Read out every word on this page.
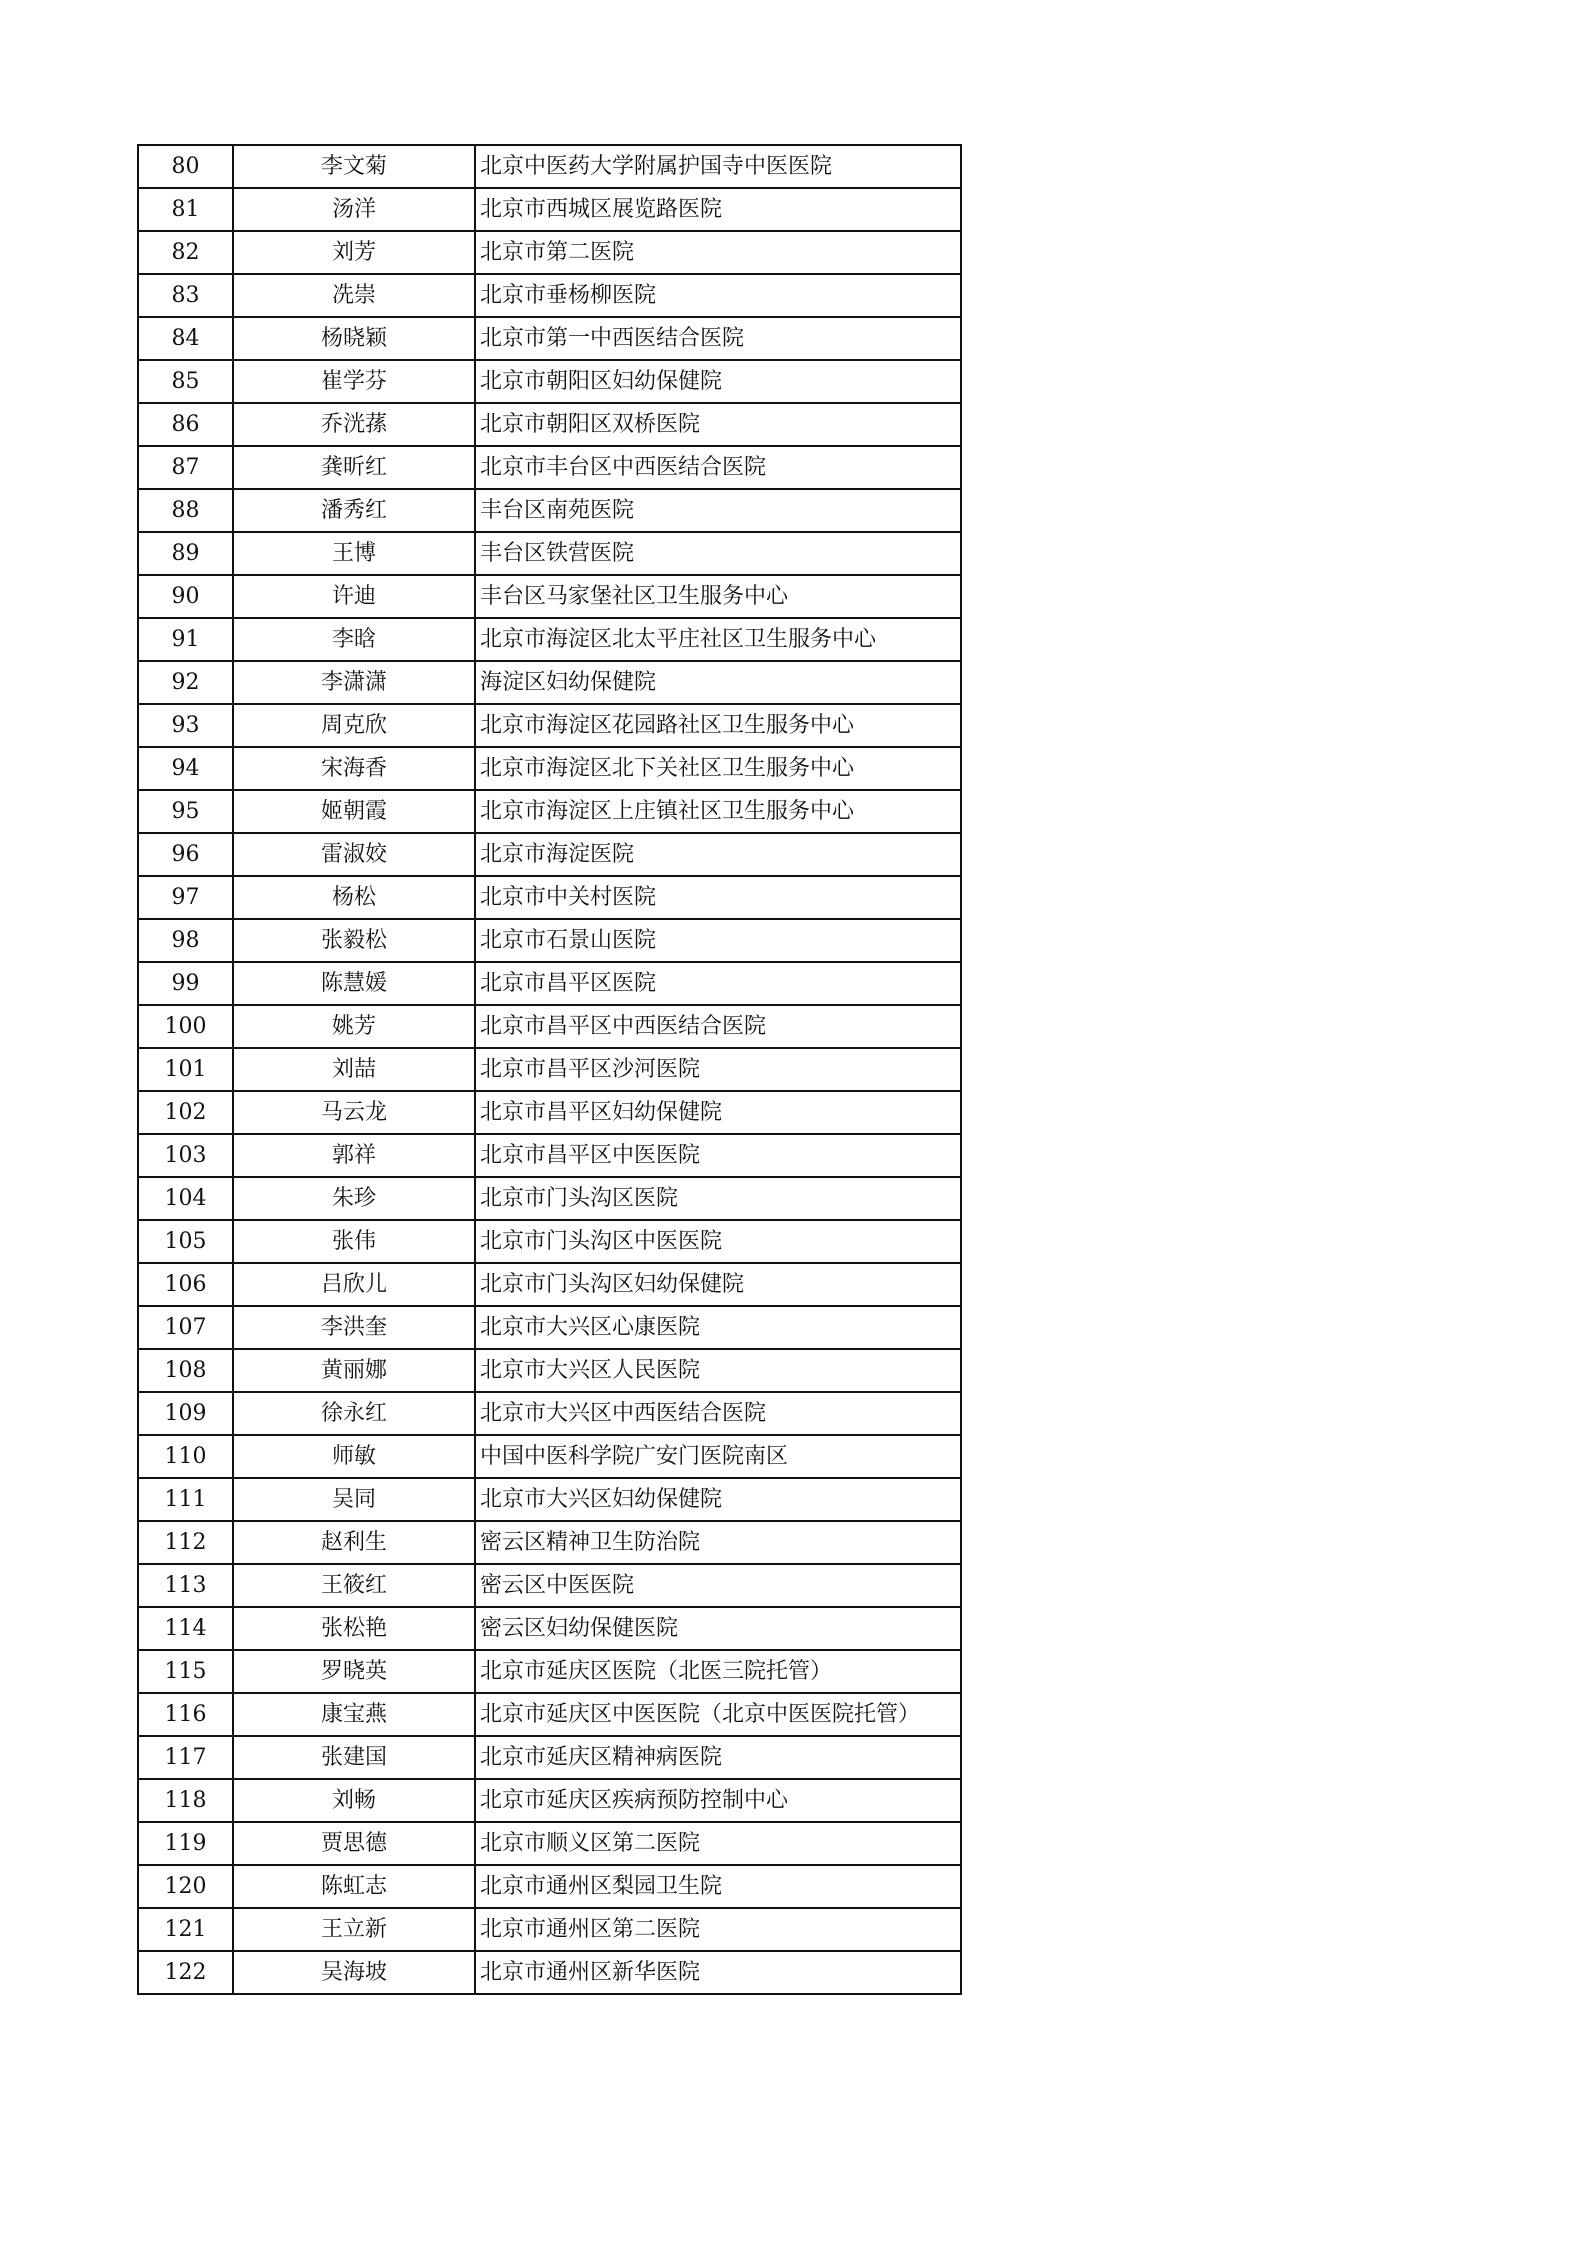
80	李文菊	北京中医药大学附属护国寺中医医院
81	汤洋	北京市西城区展览路医院
82	刘芳	北京市第二医院
83	冼崇	北京市垂杨柳医院
84	杨晓颖	北京市第一中西医结合医院
85	崔学芬	北京市朝阳区妇幼保健院
86	乔洸蓀	北京市朝阳区双桥医院
87	龚昕红	北京市丰台区中西医结合医院
88	潘秀红	丰台区南苑医院
89	王博	丰台区铁营医院
90	许迪	丰台区马家堡社区卫生服务中心
91	李晗	北京市海淀区北太平庄社区卫生服务中心
92	李潇潇	海淀区妇幼保健院
93	周克欣	北京市海淀区花园路社区卫生服务中心
94	宋海香	北京市海淀区北下关社区卫生服务中心
95	姬朝霞	北京市海淀区上庄镇社区卫生服务中心
96	雷淑姣	北京市海淀医院
97	杨松	北京市中关村医院
98	张毅松	北京市石景山医院
99	陈慧媛	北京市昌平区医院
100	姚芳	北京市昌平区中西医结合医院
101	刘喆	北京市昌平区沙河医院
102	马云龙	北京市昌平区妇幼保健院
103	郭祥	北京市昌平区中医医院
104	朱珍	北京市门头沟区医院
105	张伟	北京市门头沟区中医医院
106	吕欣儿	北京市门头沟区妇幼保健院
107	李洪奎	北京市大兴区心康医院
108	黄丽娜	北京市大兴区人民医院
109	徐永红	北京市大兴区中西医结合医院
110	师敏	中国中医科学院广安门医院南区
111	吴同	北京市大兴区妇幼保健院
112	赵利生	密云区精神卫生防治院
113	王筱红	密云区中医医院
114	张松艳	密云区妇幼保健医院
115	罗晓英	北京市延庆区医院（北医三院托管）
116	康宝燕	北京市延庆区中医医院（北京中医医院托管）
117	张建国	北京市延庆区精神病医院
118	刘畅	北京市延庆区疾病预防控制中心
119	贾思德	北京市顺义区第二医院
120	陈虹志	北京市通州区梨园卫生院
121	王立新	北京市通州区第二医院
122	吴海坡	北京市通州区新华医院
